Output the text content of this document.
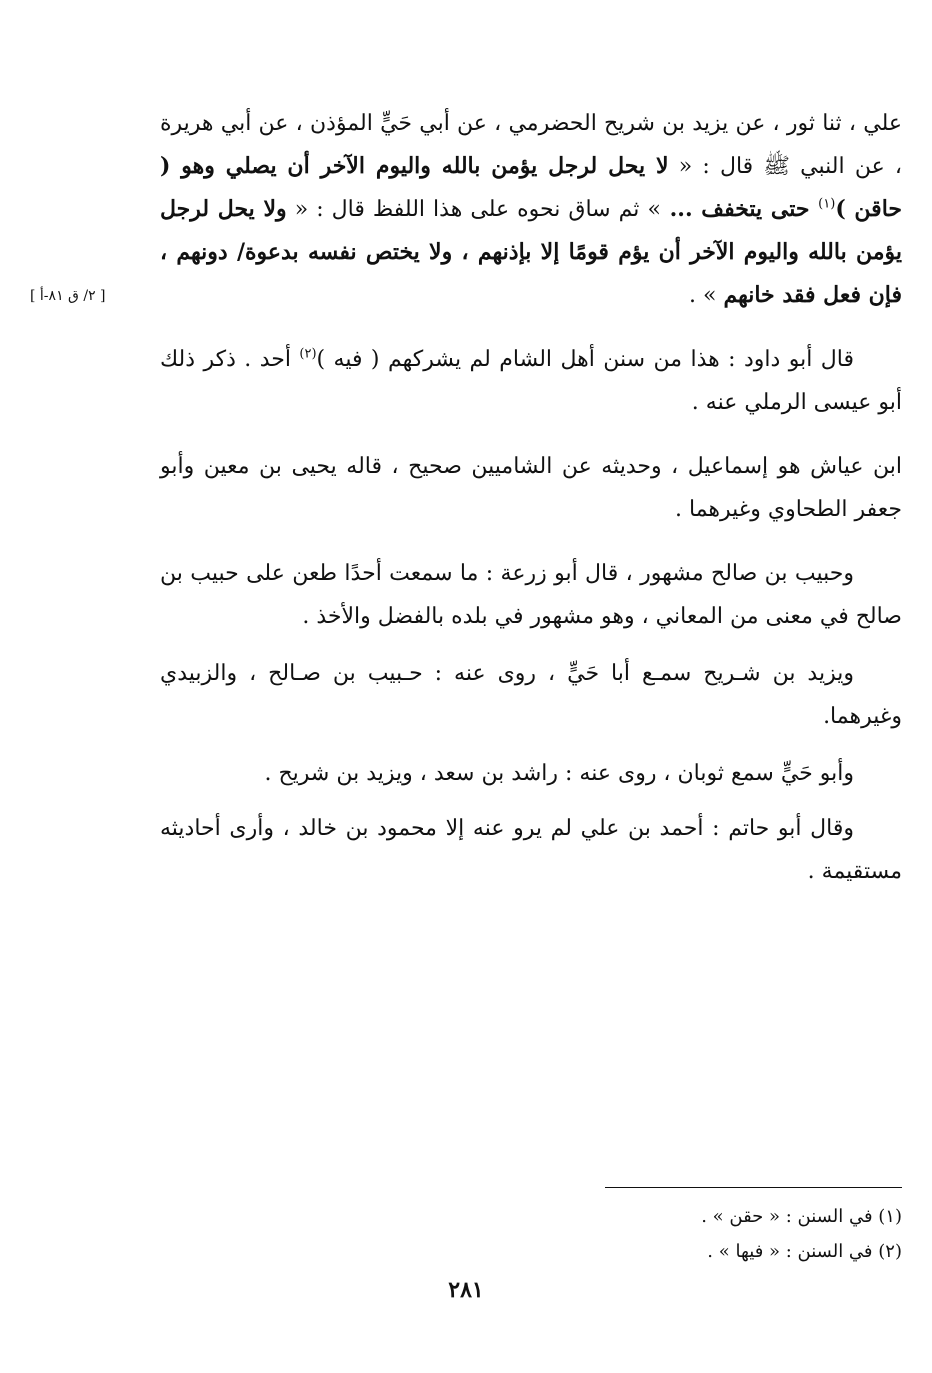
[ ٢/ ق ٨١-أ ]

علي ، ثنا ثور ، عن يزيد بن شريح الحضرمي ، عن أبي حَيٍّ المؤذن ، عن أبي هريرة ، عن النبي ﷺ قال : « لا يحل لرجل يؤمن بالله واليوم الآخر أن يصلي وهو ( حاقن )$^{(١)}$ حتى يتخفف ... » ثم ساق نحوه على هذا اللفظ قال : « ولا يحل لرجل يؤمن بالله واليوم الآخر أن يؤم قومًا إلا بإذنهم ، ولا يختص نفسه بدعوة/ دونهم ، فإن فعل فقد خانهم » .

قال أبو داود : هذا من سنن أهل الشام لم يشركهم ( فيه )$^{(٢)}$ أحد . ذكر ذلك أبو عيسى الرملي عنه .

ابن عياش هو إسماعيل ، وحديثه عن الشاميين صحيح ، قاله يحيى بن معين وأبو جعفر الطحاوي وغيرهما .

وحبيب بن صالح مشهور ، قال أبو زرعة : ما سمعت أحدًا طعن على حبيب بن صالح في معنى من المعاني ، وهو مشهور في بلده بالفضل والأخذ .

ويزيد بن شـريح سمـع أبا حَيٍّ ، روى عنه : حـبيب بن صـالح ، والزبيدي وغيرهما.

وأبو حَيٍّ سمع ثوبان ، روى عنه : راشد بن سعد ، ويزيد بن شريح .

وقال أبو حاتم : أحمد بن علي لم يرو عنه إلا محمود بن خالد ، وأرى أحاديثه مستقيمة .

(١) في السنن : « حقن » .
(٢) في السنن : « فيها » .
٢٨١
